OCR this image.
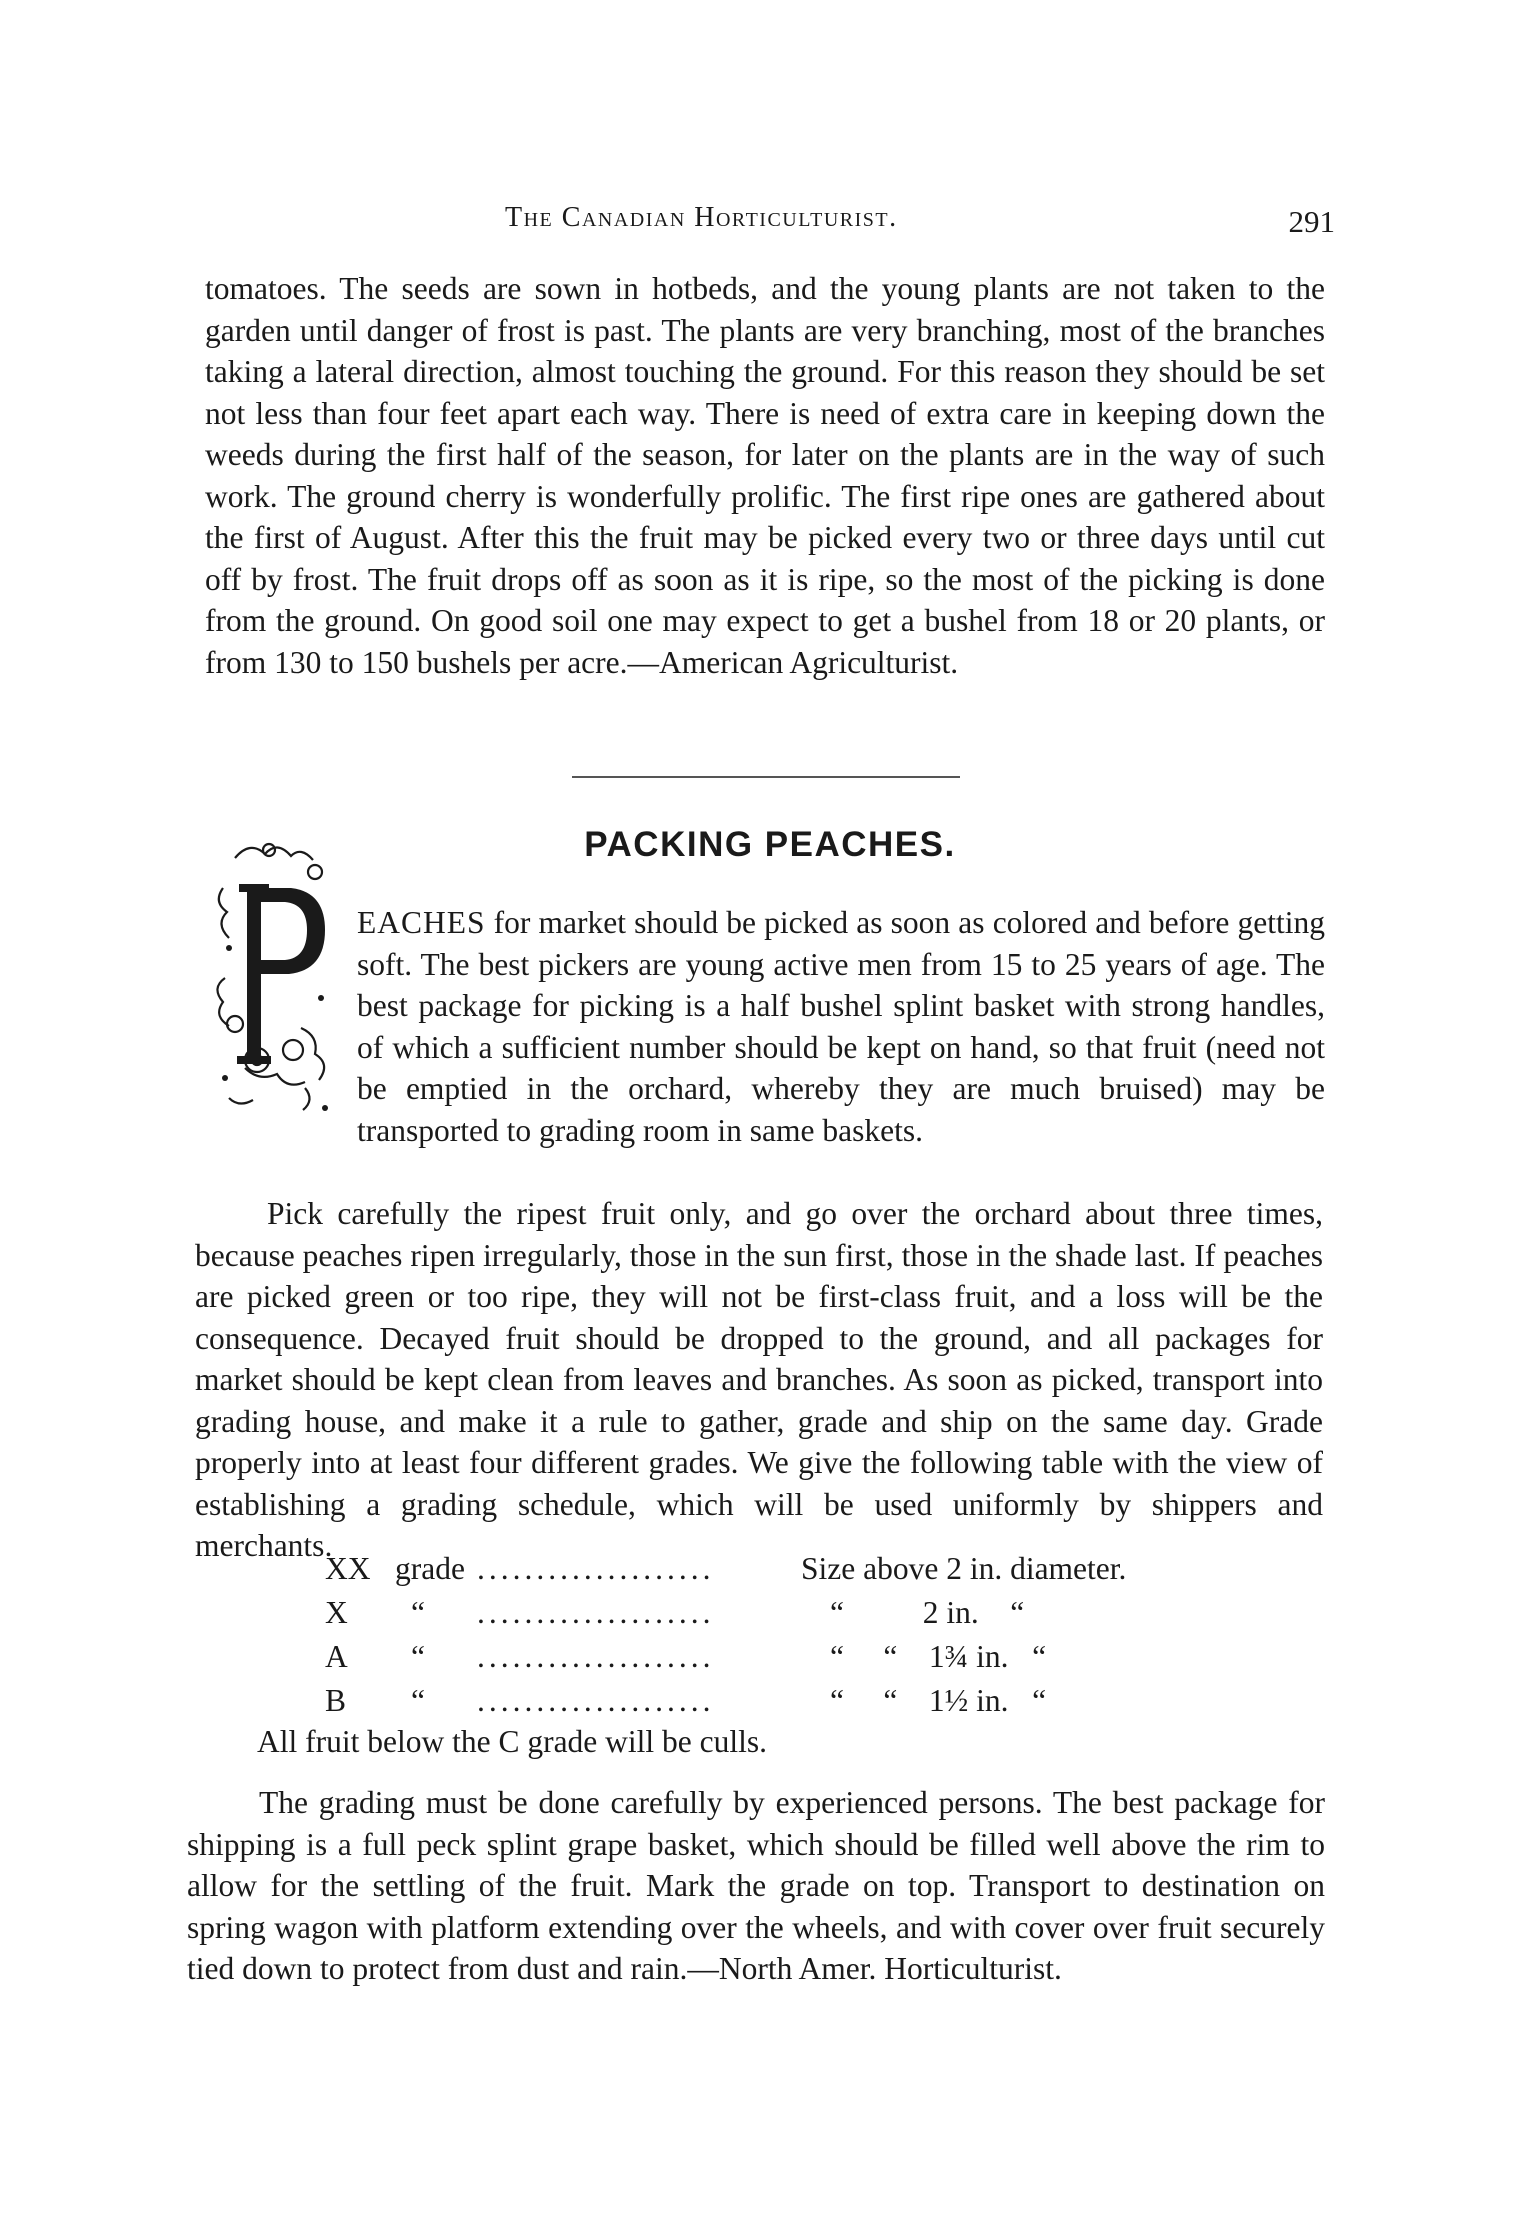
The Canadian Horticulturist.	291

tomatoes. The seeds are sown in hotbeds, and the young plants are not taken to the garden until danger of frost is past. The plants are very branching, most of the branches taking a lateral direction, almost touching the ground. For this reason they should be set not less than four feet apart each way. There is need of extra care in keeping down the weeds during the first half of the season, for later on the plants are in the way of such work. The ground cherry is wonderfully prolific. The first ripe ones are gathered about the first of August. After this the fruit may be picked every two or three days until cut off by frost. The fruit drops off as soon as it is ripe, so the most of the picking is done from the ground. On good soil one may expect to get a bushel from 18 or 20 plants, or from 130 to 150 bushels per acre.—American Agriculturist.

PACKING PEACHES.

EACHES for market should be picked as soon as colored and before getting soft. The best pickers are young active men from 15 to 25 years of age. The best package for picking is a half bushel splint basket with strong handles, of which a sufficient number should be kept on hand, so that fruit (need not be emptied in the orchard, whereby they are much bruised) may be transported to grading room in same baskets.

Pick carefully the ripest fruit only, and go over the orchard about three times, because peaches ripen irregularly, those in the sun first, those in the shade last. If peaches are picked green or too ripe, they will not be first-class fruit, and a loss will be the consequence. Decayed fruit should be dropped to the ground, and all packages for market should be kept clean from leaves and branches. As soon as picked, transport into grading house, and make it a rule to gather, grade and ship on the same day. Grade properly into at least four different grades. We give the following table with the view of establishing a grading schedule, which will be used uniformly by shippers and merchants.

XX grade ....................	Size above 2 in. diameter.
X “ ....................	“          2 in.    “
A “ ....................	“     “    1¾ in.   “
B “ ....................	“     “    1½ in.   “

All fruit below the C grade will be culls.

The grading must be done carefully by experienced persons. The best package for shipping is a full peck splint grape basket, which should be filled well above the rim to allow for the settling of the fruit. Mark the grade on top. Transport to destination on spring wagon with platform extending over the wheels, and with cover over fruit securely tied down to protect from dust and rain.—North Amer. Horticulturist.
